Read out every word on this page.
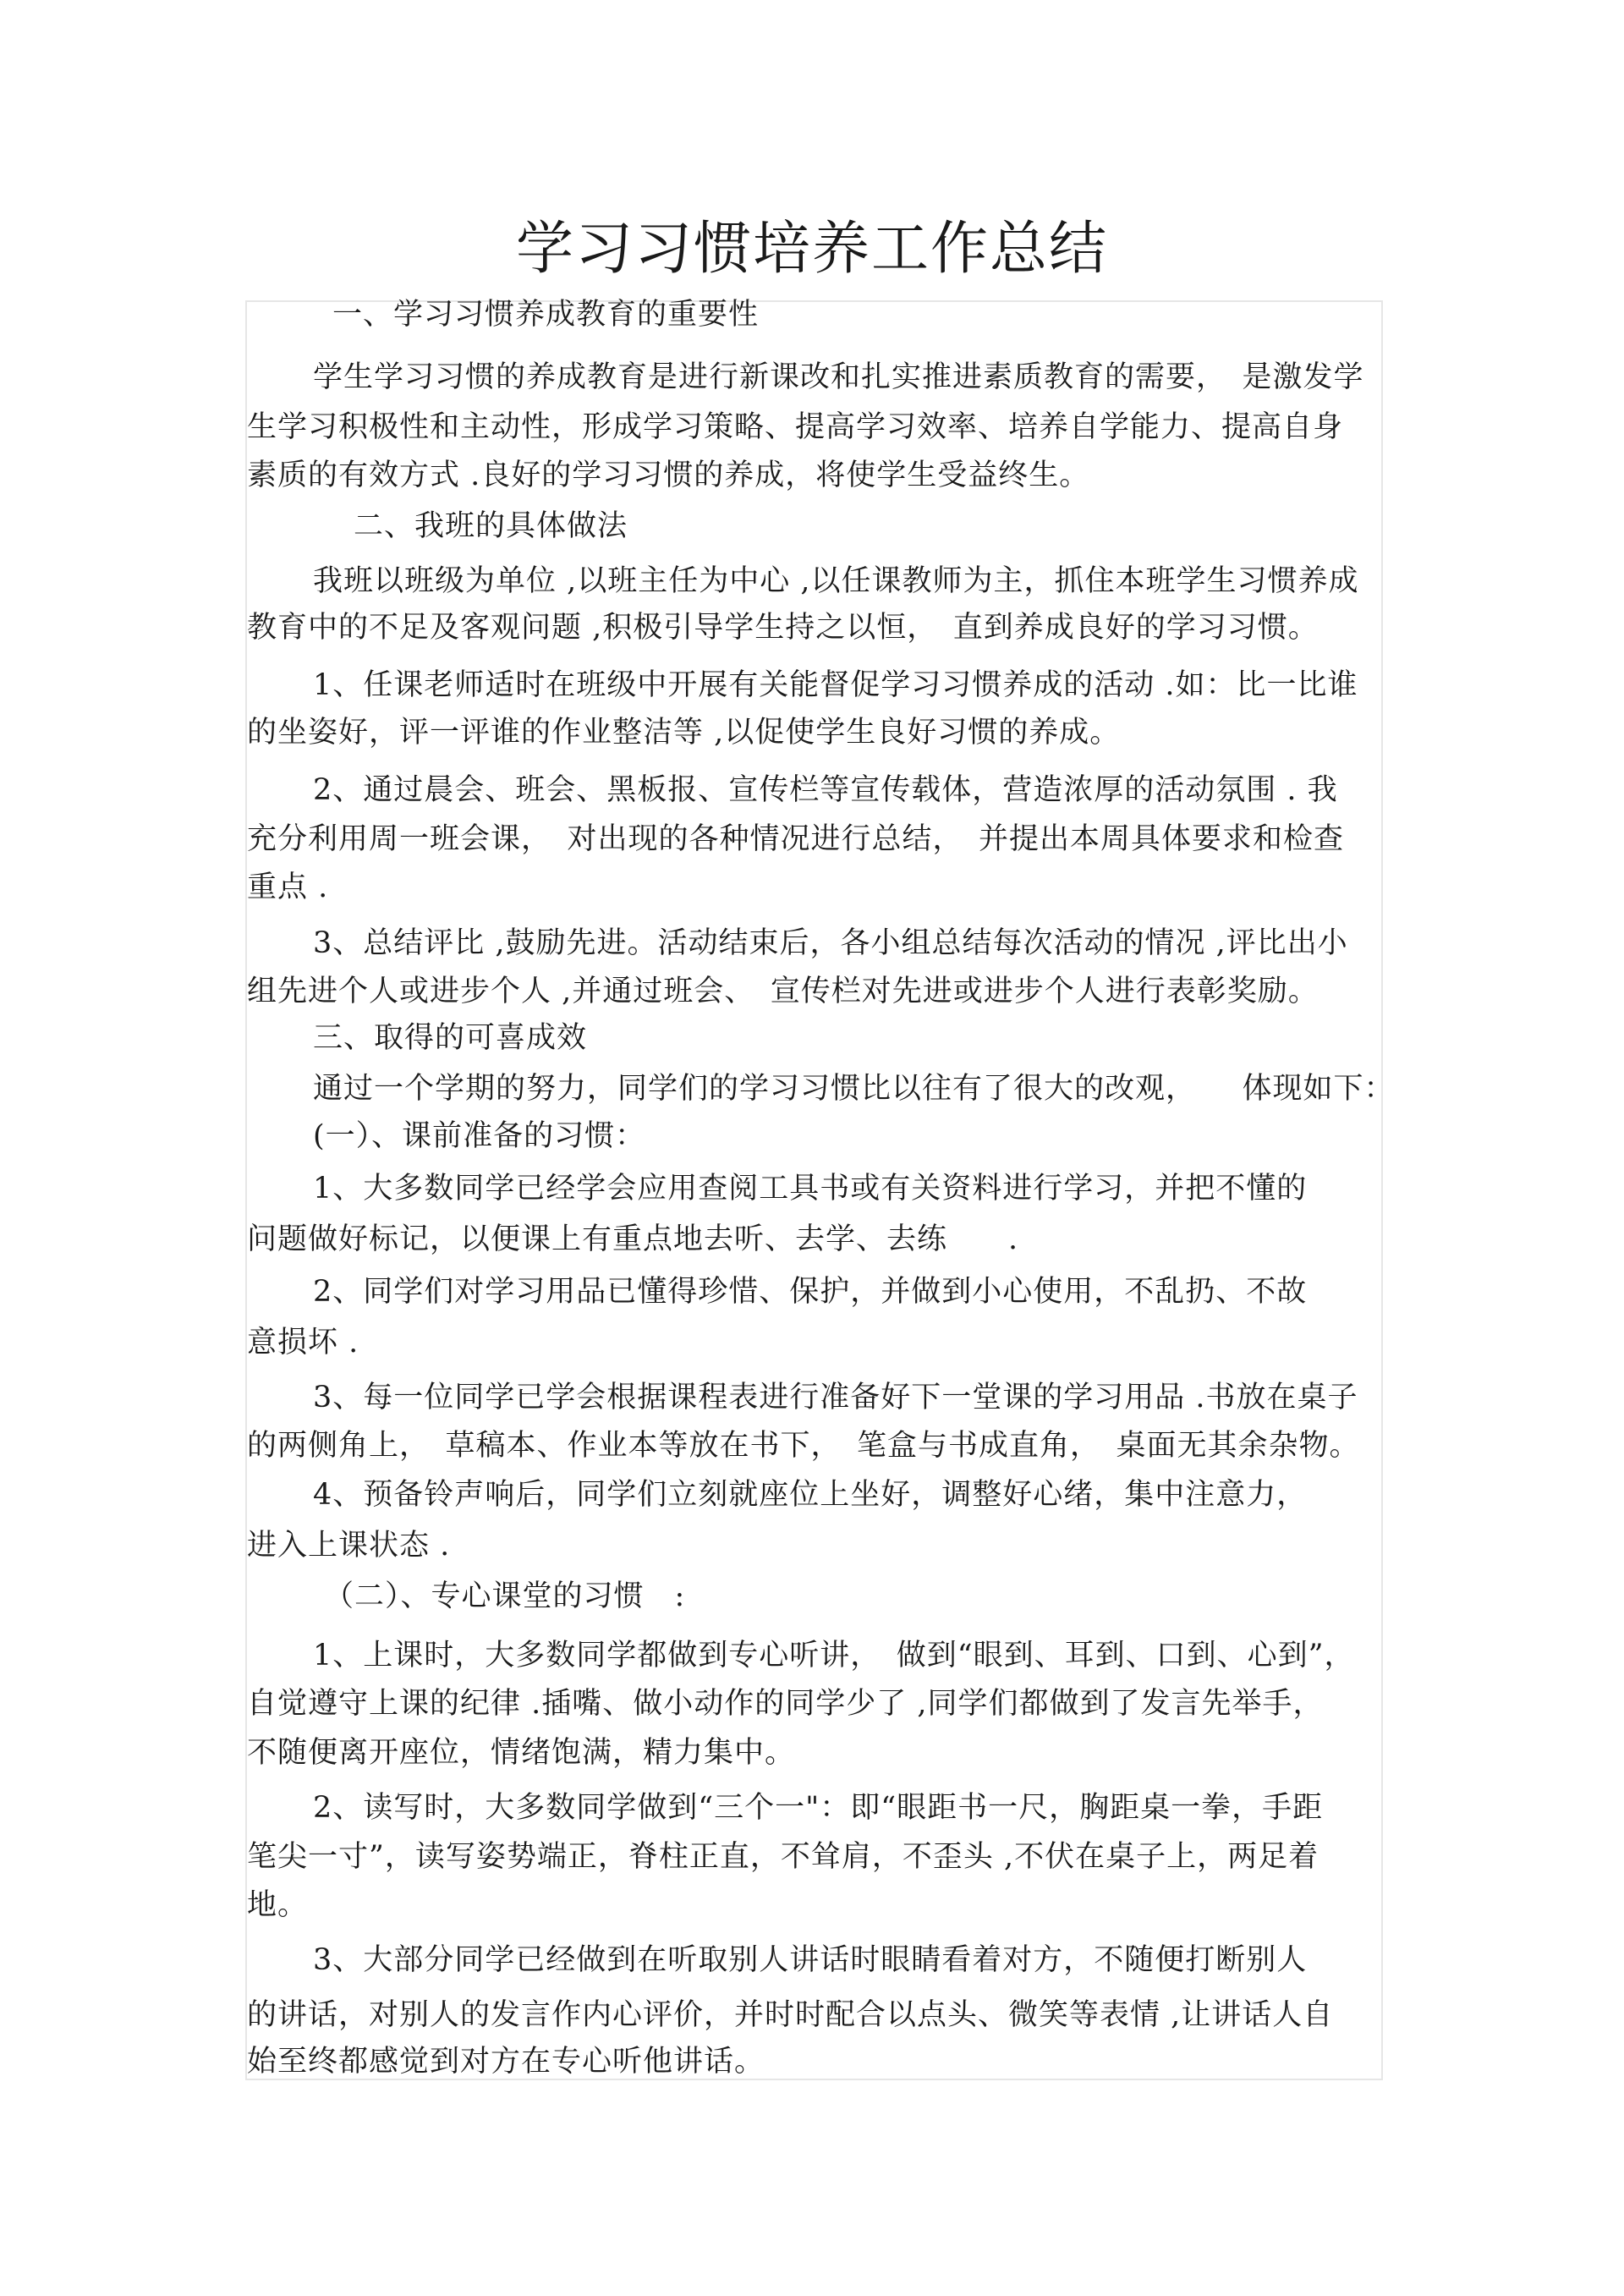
学习习惯培养工作总结
一、学习习惯养成教育的重要性
学生学习习惯的养成教育是进行新课改和扎实推进素质教育的需要，　是激发学
生学习积极性和主动性，形成学习策略、提高学习效率、培养自学能力、提高自身
素质的有效方式 .良好的学习习惯的养成，将使学生受益终生。
二、我班的具体做法
我班以班级为单位 ,以班主任为中心 ,以任课教师为主，抓住本班学生习惯养成
教育中的不足及客观问题 ,积极引导学生持之以恒，　直到养成良好的学习习惯。
1、任课老师适时在班级中开展有关能督促学习习惯养成的活动 .如：比一比谁
的坐姿好，评一评谁的作业整洁等 ,以促使学生良好习惯的养成。
2、通过晨会、班会、黑板报、宣传栏等宣传载体，营造浓厚的活动氛围 . 我
充分利用周一班会课，　对出现的各种情况进行总结，　并提出本周具体要求和检查
重点 .
3、总结评比 ,鼓励先进。活动结束后，各小组总结每次活动的情况 ,评比出小
组先进个人或进步个人 ,并通过班会、　宣传栏对先进或进步个人进行表彰奖励。
三、取得的可喜成效
通过一个学期的努力，同学们的学习习惯比以往有了很大的改观，　　体现如下：
(一）、课前准备的习惯：
1、大多数同学已经学会应用查阅工具书或有关资料进行学习，并把不懂的
问题做好标记，以便课上有重点地去听、去学、去练　　.
2、同学们对学习用品已懂得珍惜、保护，并做到小心使用，不乱扔、不故
意损坏 .
3、每一位同学已学会根据课程表进行准备好下一堂课的学习用品 .书放在桌子
的两侧角上，　草稿本、作业本等放在书下，　笔盒与书成直角，　桌面无其余杂物。
4、预备铃声响后，同学们立刻就座位上坐好，调整好心绪，集中注意力，
进入上课状态 .
（二）、专心课堂的习惯　:
1、上课时，大多数同学都做到专心听讲，　做到“眼到、耳到、口到、心到”，
自觉遵守上课的纪律 .插嘴、做小动作的同学少了 ,同学们都做到了发言先举手，
不随便离开座位，情绪饱满，精力集中。
2、读写时，大多数同学做到“三个一"：即“眼距书一尺，胸距桌一拳，手距
笔尖一寸”，读写姿势端正，脊柱正直，不耸肩，不歪头 ,不伏在桌子上，两足着
地。
3、大部分同学已经做到在听取别人讲话时眼睛看着对方，不随便打断别人
的讲话，对别人的发言作内心评价，并时时配合以点头、微笑等表情 ,让讲话人自
始至终都感觉到对方在专心听他讲话。
